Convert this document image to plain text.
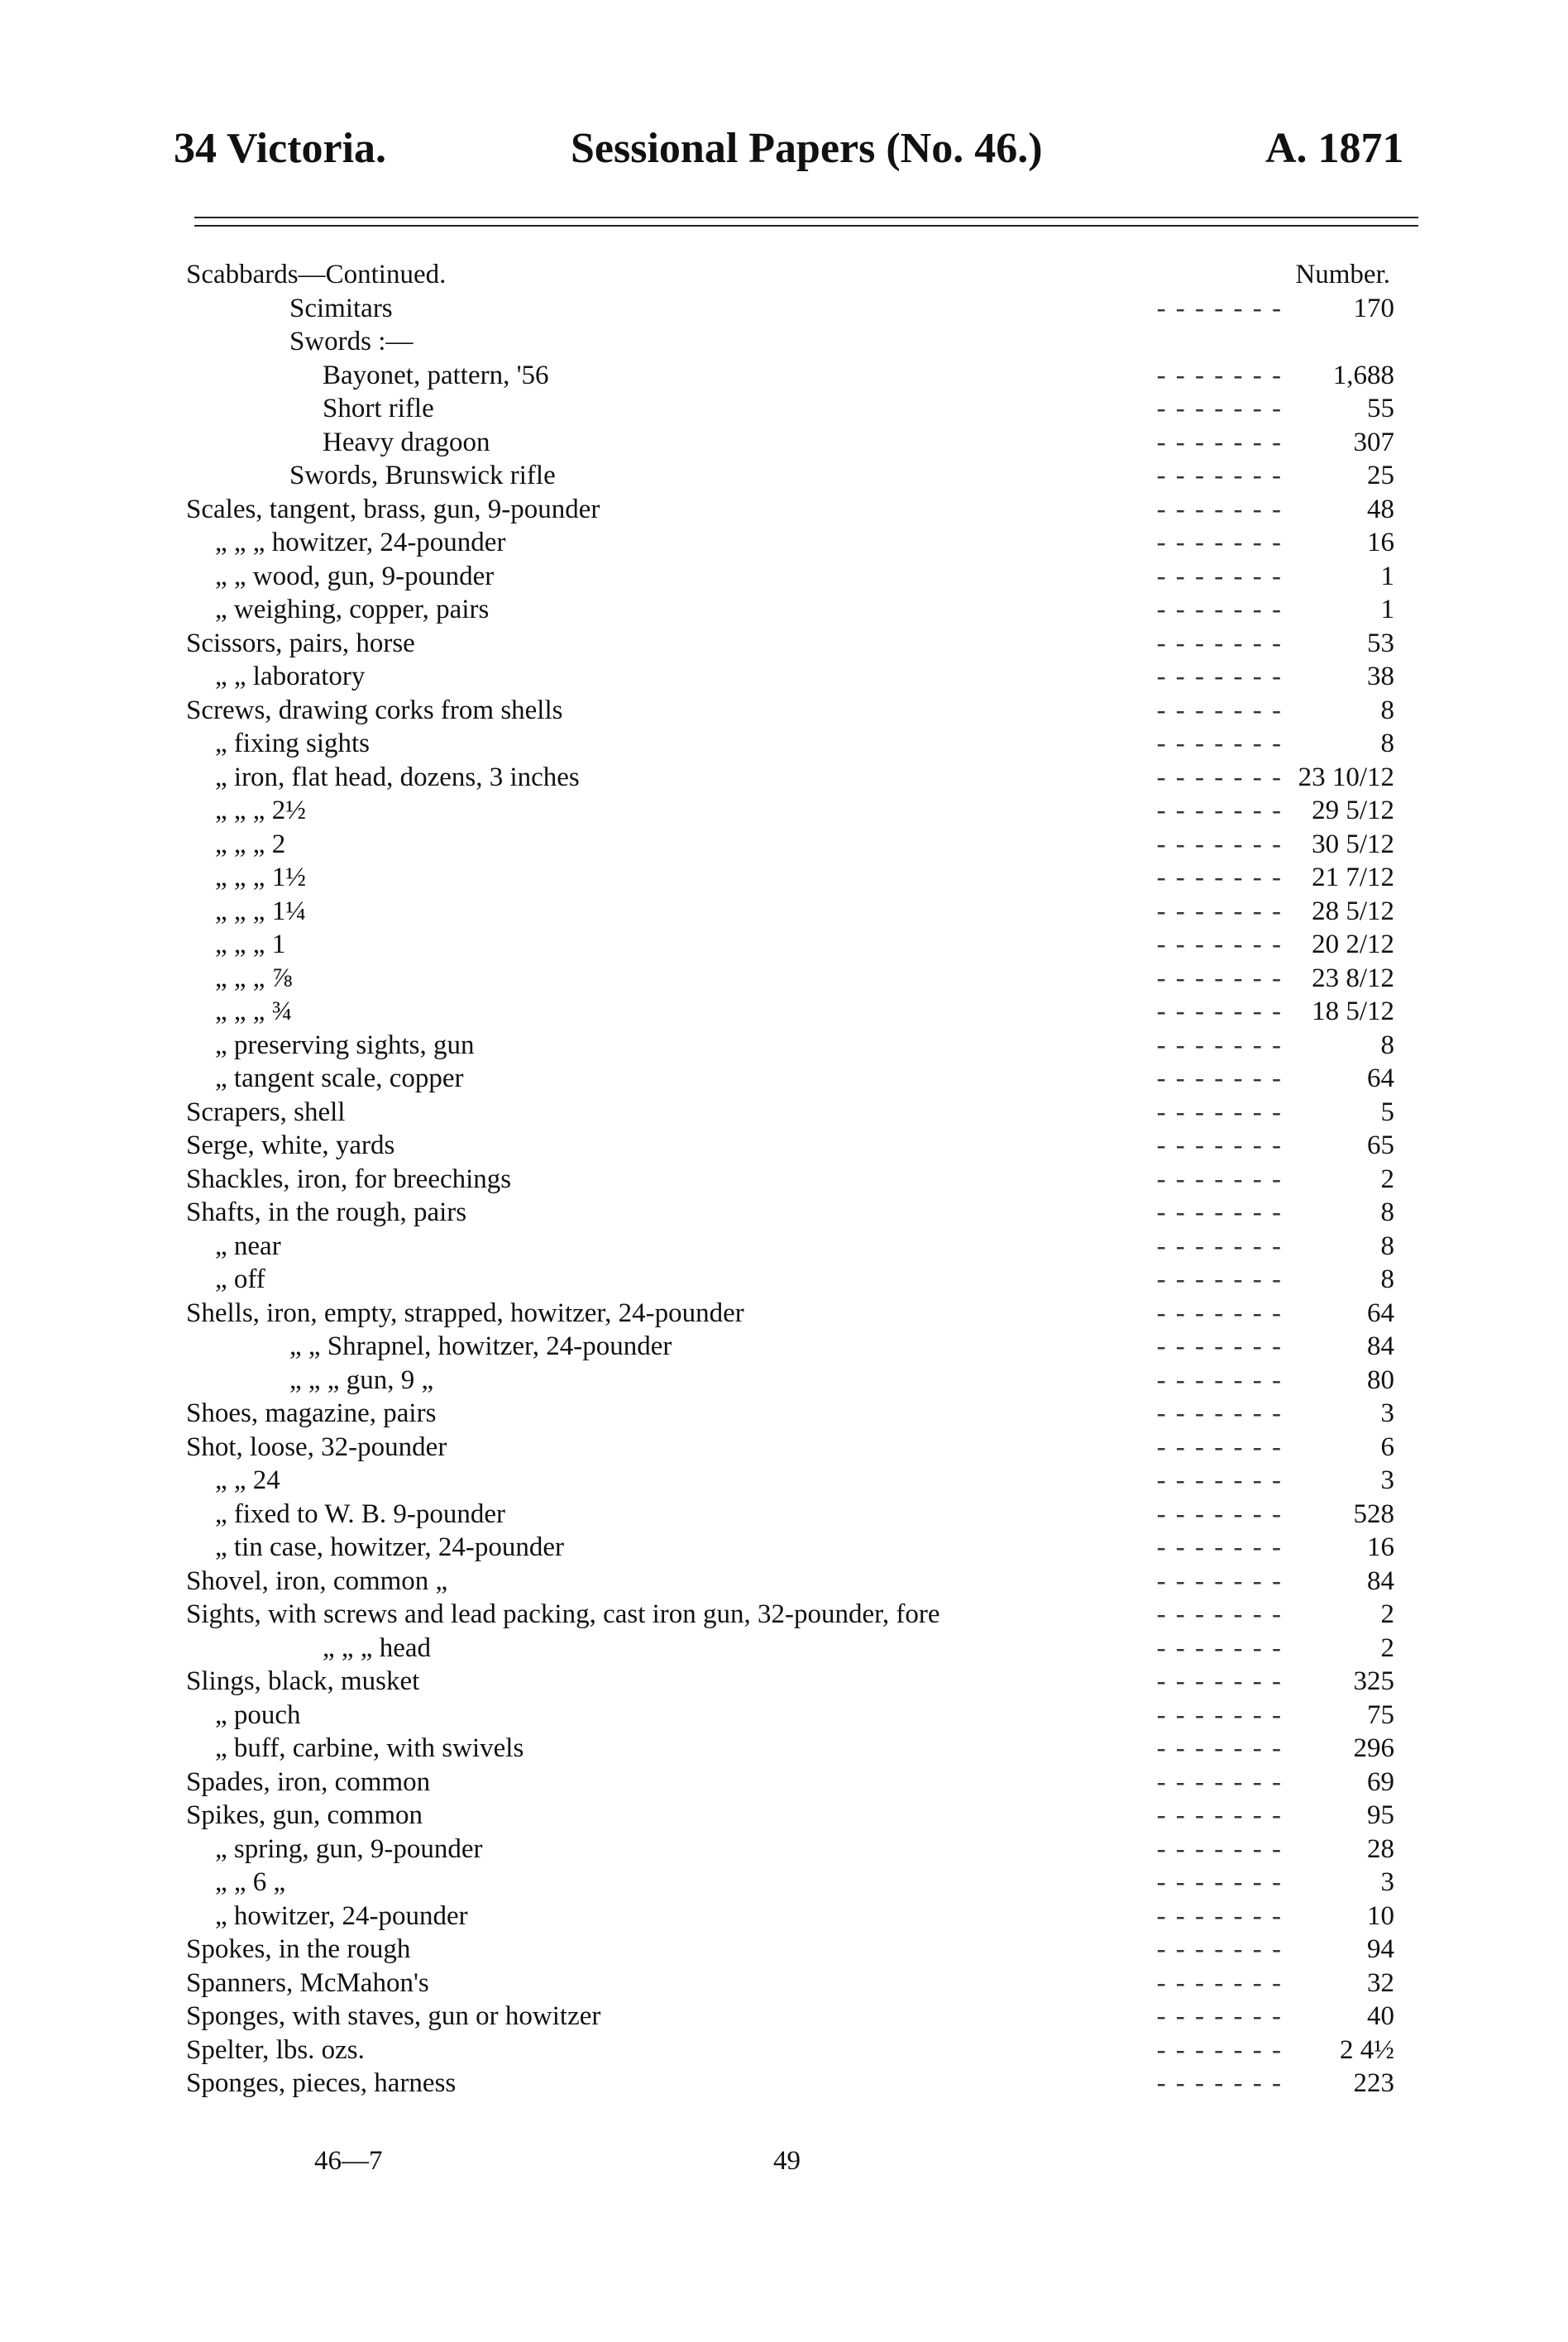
34 Victoria.	Sessional Papers (No. 46.)	A. 1871
Scabbards—Continued.	Number.
Scimitars	- - - - - - -	170
Swords :—
Bayonet, pattern, '56	- - - - - - -	1,688
Short rifle	- - - - - - -	55
Heavy dragoon	- - - - - - -	307
Swords, Brunswick rifle	- - - - - - -	25
Scales, tangent, brass, gun, 9-pounder	- - - - - - -	48
„ „ „ howitzer, 24-pounder	- - - - - - -	16
„ „ wood, gun, 9-pounder	- - - - - - -	1
„ weighing, copper, pairs	- - - - - - -	1
Scissors, pairs, horse	- - - - - - -	53
„ „ laboratory	- - - - - - -	38
Screws, drawing corks from shells	- - - - - - -	8
„ fixing sights	- - - - - - -	8
„ iron, flat head, dozens, 3 inches	- - - - - - - 23 10/12
„ „ „ 2½	- - - - - - -	29 5/12
„ „ „ 2	- - - - - - -	30 5/12
„ „ „ 1½	- - - - - - -	21 7/12
„ „ „ 1¼	- - - - - - -	28 5/12
„ „ „ 1	- - - - - - -	20 2/12
„ „ „ ⅞	- - - - - - -	23 8/12
„ „ „ ¾	- - - - - - -	18 5/12
„ preserving sights, gun	- - - - - - -	8
„ tangent scale, copper	- - - - - - -	64
Scrapers, shell	- - - - - - -	5
Serge, white, yards	- - - - - - -	65
Shackles, iron, for breechings	- - - - - - -	2
Shafts, in the rough, pairs	- - - - - - -	8
„ near	- - - - - - -	8
„ off	- - - - - - -	8
Shells, iron, empty, strapped, howitzer, 24-pounder	- - - - - - -	64
„ „ Shrapnel, howitzer, 24-pounder	- - - - - - -	84
„ „ „ gun, 9 „	- - - - - - -	80
Shoes, magazine, pairs	- - - - - - -	3
Shot, loose, 32-pounder	- - - - - - -	6
„ „ 24	- - - - - - -	3
„ fixed to W. B. 9-pounder	- - - - - - -	528
„ tin case, howitzer, 24-pounder	- - - - - - -	16
Shovel, iron, common „	- - - - - - -	84
Sights, with screws and lead packing, cast iron gun, 32-pounder, fore	- - - - - - -	2
„ „ „ head	- - - - - - -	2
Slings, black, musket	- - - - - - -	325
„ pouch	- - - - - - -	75
„ buff, carbine, with swivels	- - - - - - -	296
Spades, iron, common	- - - - - - -	69
Spikes, gun, common	- - - - - - -	95
„ spring, gun, 9-pounder	- - - - - - -	28
„ „ 6 „	- - - - - - -	3
„ howitzer, 24-pounder	- - - - - - -	10
Spokes, in the rough	- - - - - - -	94
Spanners, McMahon's	- - - - - - -	32
Sponges, with staves, gun or howitzer	- - - - - - -	40
Spelter, lbs. ozs.	- - - - - - -	2 4½
Sponges, pieces, harness	- - - - - - -	223
46—7	49
